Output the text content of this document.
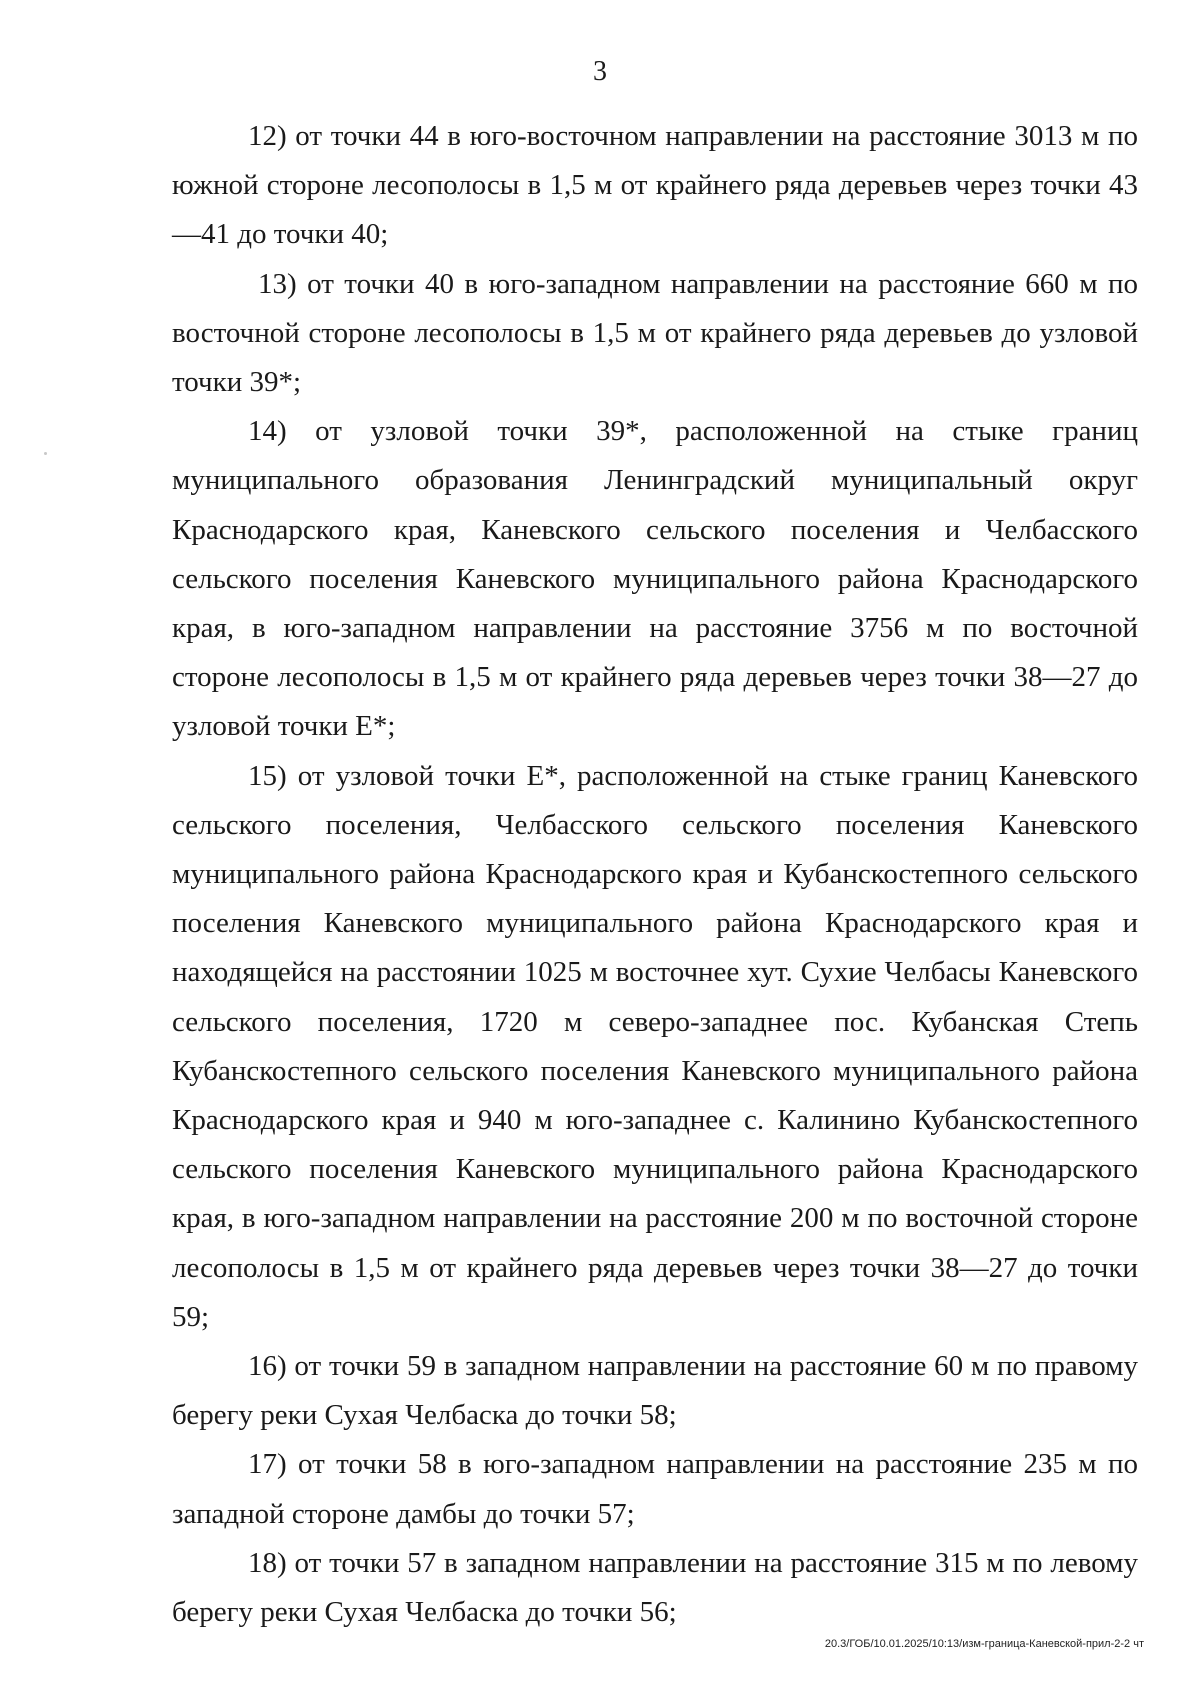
3

12) от точки 44 в юго-восточном направлении на расстояние 3013 м по южной стороне лесополосы в 1,5 м от крайнего ряда деревьев через точки 43—41 до точки 40;

13) от точки 40 в юго-западном направлении на расстояние 660 м по восточной стороне лесополосы в 1,5 м от крайнего ряда деревьев до узловой точки 39*;

14) от узловой точки 39*, расположенной на стыке границ муниципального образования Ленинградский муниципальный округ Краснодарского края, Каневского сельского поселения и Челбасского сельского поселения Каневского муниципального района Краснодарского края, в юго-западном направлении на расстояние 3756 м по восточной стороне лесополосы в 1,5 м от крайнего ряда деревьев через точки 38—27 до узловой точки Е*;

15) от узловой точки Е*, расположенной на стыке границ Каневского сельского поселения, Челбасского сельского поселения Каневского муниципального района Краснодарского края и Кубанскостепного сельского поселения Каневского муниципального района Краснодарского края и находящейся на расстоянии 1025 м восточнее хут. Сухие Челбасы Каневского сельского поселения, 1720 м северо-западнее пос. Кубанская Степь Кубанскостепного сельского поселения Каневского муниципального района Краснодарского края и 940 м юго-западнее с. Калинино Кубанскостепного сельского поселения Каневского муниципального района Краснодарского края, в юго-западном направлении на расстояние 200 м по восточной стороне лесополосы в 1,5 м от крайнего ряда деревьев через точки 38—27 до точки 59;

16) от точки 59 в западном направлении на расстояние 60 м по правому берегу реки Сухая Челбаска до точки 58;

17) от точки 58 в юго-западном направлении на расстояние 235 м по западной стороне дамбы до точки 57;

18) от точки 57 в западном направлении на расстояние 315 м по левому берегу реки Сухая Челбаска до точки 56;

20.3/ГОБ/10.01.2025/10:13/изм-граница-Каневской-прил-2-2 чт
